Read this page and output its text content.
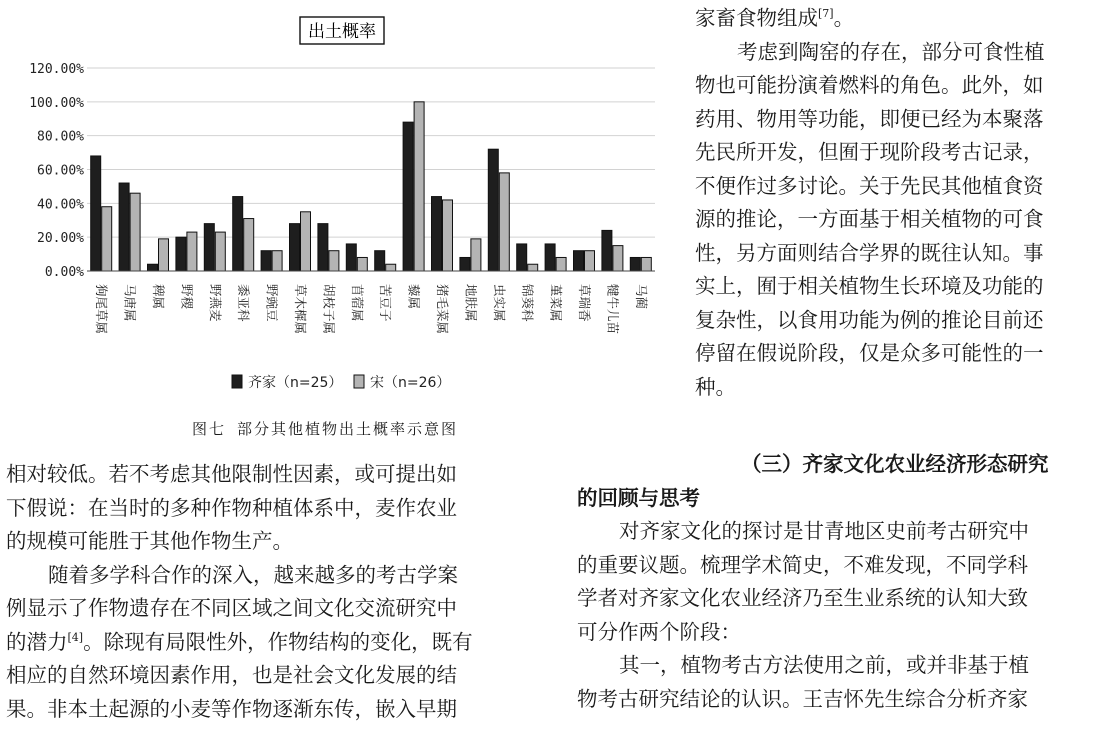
出土概率
120.00%
100.00%
80.00%
60.00%
40.00%
20.00%
0.00%
狗尾草属 马唐属 稗属 野稷 野燕麦 黍亚科 野豌豆 草木樨属 胡枝子属 苜蓿属 苦豆子 藜属 猪毛菜属 地肤属 虫实属 锦葵科 堇菜属 草瑞香 犍牛儿苗 马蔺
齐家（n=25） 宋（n=26）
图七 部分其他植物出土概率示意图
相对较低。若不考虑其他限制性因素，或可提出如
下假说：在当时的多种作物种植体系中，麦作农业
的规模可能胜于其他作物生产。
随着多学科合作的深入，越来越多的考古学案
例显示了作物遗存在不同区域之间文化交流研究中
的潜力[4]。除现有局限性外，作物结构的变化，既有
相应的自然环境因素作用，也是社会文化发展的结
果。非本土起源的小麦等作物逐渐东传，嵌入早期
家畜食物组成[7]。
考虑到陶窑的存在，部分可食性植
物也可能扮演着燃料的角色。此外，如
药用、物用等功能，即便已经为本聚落
先民所开发，但囿于现阶段考古记录，
不便作过多讨论。关于先民其他植食资
源的推论，一方面基于相关植物的可食
性，另方面则结合学界的既往认知。事
实上，囿于相关植物生长环境及功能的
复杂性，以食用功能为例的推论目前还
停留在假说阶段，仅是众多可能性的一
种。
（三）齐家文化农业经济形态研究
的回顾与思考
对齐家文化的探讨是甘青地区史前考古研究中
的重要议题。梳理学术简史，不难发现，不同学科
学者对齐家文化农业经济乃至生业系统的认知大致
可分作两个阶段：
其一，植物考古方法使用之前，或并非基于植
物考古研究结论的认识。王吉怀先生综合分析齐家
